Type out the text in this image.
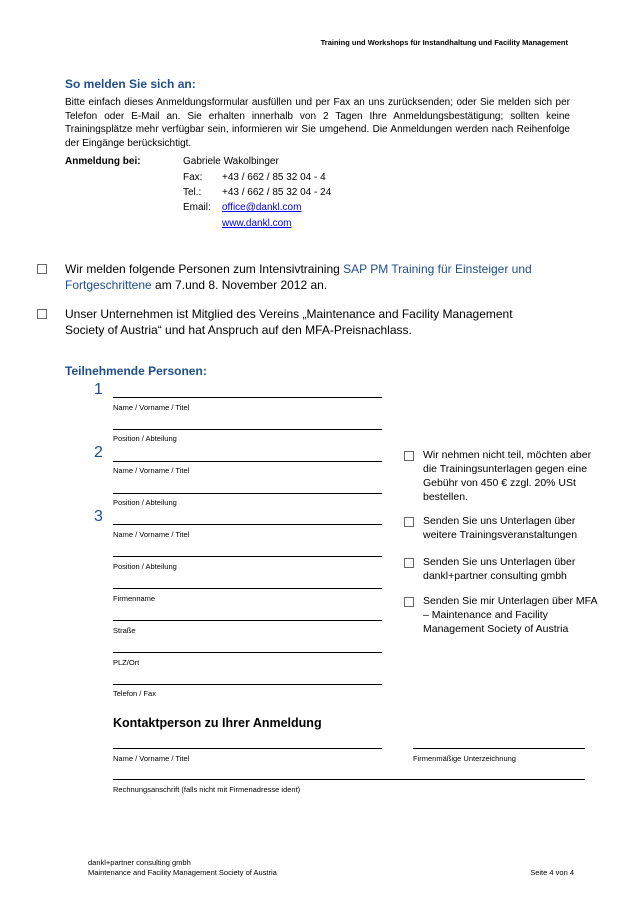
Training und Workshops für Instandhaltung und Facility Management
So melden Sie sich an:
Bitte einfach dieses Anmeldungsformular ausfüllen und per Fax an uns zurücksenden; oder Sie melden sich per Telefon oder E-Mail an. Sie erhalten innerhalb von 2 Tagen Ihre Anmeldungsbestätigung; sollten keine Trainingsplätze mehr verfügbar sein, informieren wir Sie umgehend. Die Anmeldungen werden nach Reihenfolge der Eingänge berücksichtigt.
Anmeldung bei:	Gabriele Wakolbinger
Fax: +43 / 662 / 85 32 04 - 4
Tel.: +43 / 662 / 85 32 04 - 24
Email: office@dankl.com
www.dankl.com
Wir melden folgende Personen zum Intensivtraining SAP PM Training für Einsteiger und Fortgeschrittene am 7.und 8. November 2012 an.
Unser Unternehmen ist Mitglied des Vereins „Maintenance and Facility Management Society of Austria“ und hat Anspruch auf den MFA-Preisnachlass.
Teilnehmende Personen:
1
Name / Vorname / Titel
Position / Abteilung
2
Name / Vorname / Titel
Position / Abteilung
3
Name / Vorname / Titel
Position / Abteilung
Firmenname
Straße
PLZ/Ort
Telefon / Fax
Wir nehmen nicht teil, möchten aber die Trainingsunterlagen gegen eine Gebühr von 450 € zzgl. 20% USt bestellen.
Senden Sie uns Unterlagen über weitere Trainingsveranstaltungen
Senden Sie uns Unterlagen über dankl+partner consulting gmbh
Senden Sie mir Unterlagen über MFA – Maintenance and Facility Management Society of Austria
Kontaktperson zu Ihrer Anmeldung
Name / Vorname / Titel	Firmenmäßige Unterzeichnung
Rechnungsanschrift (falls nicht mit Firmenadresse ident)
dankl+partner consulting gmbh
Maintenance and Facility Management Society of Austria	Seite 4 von 4
